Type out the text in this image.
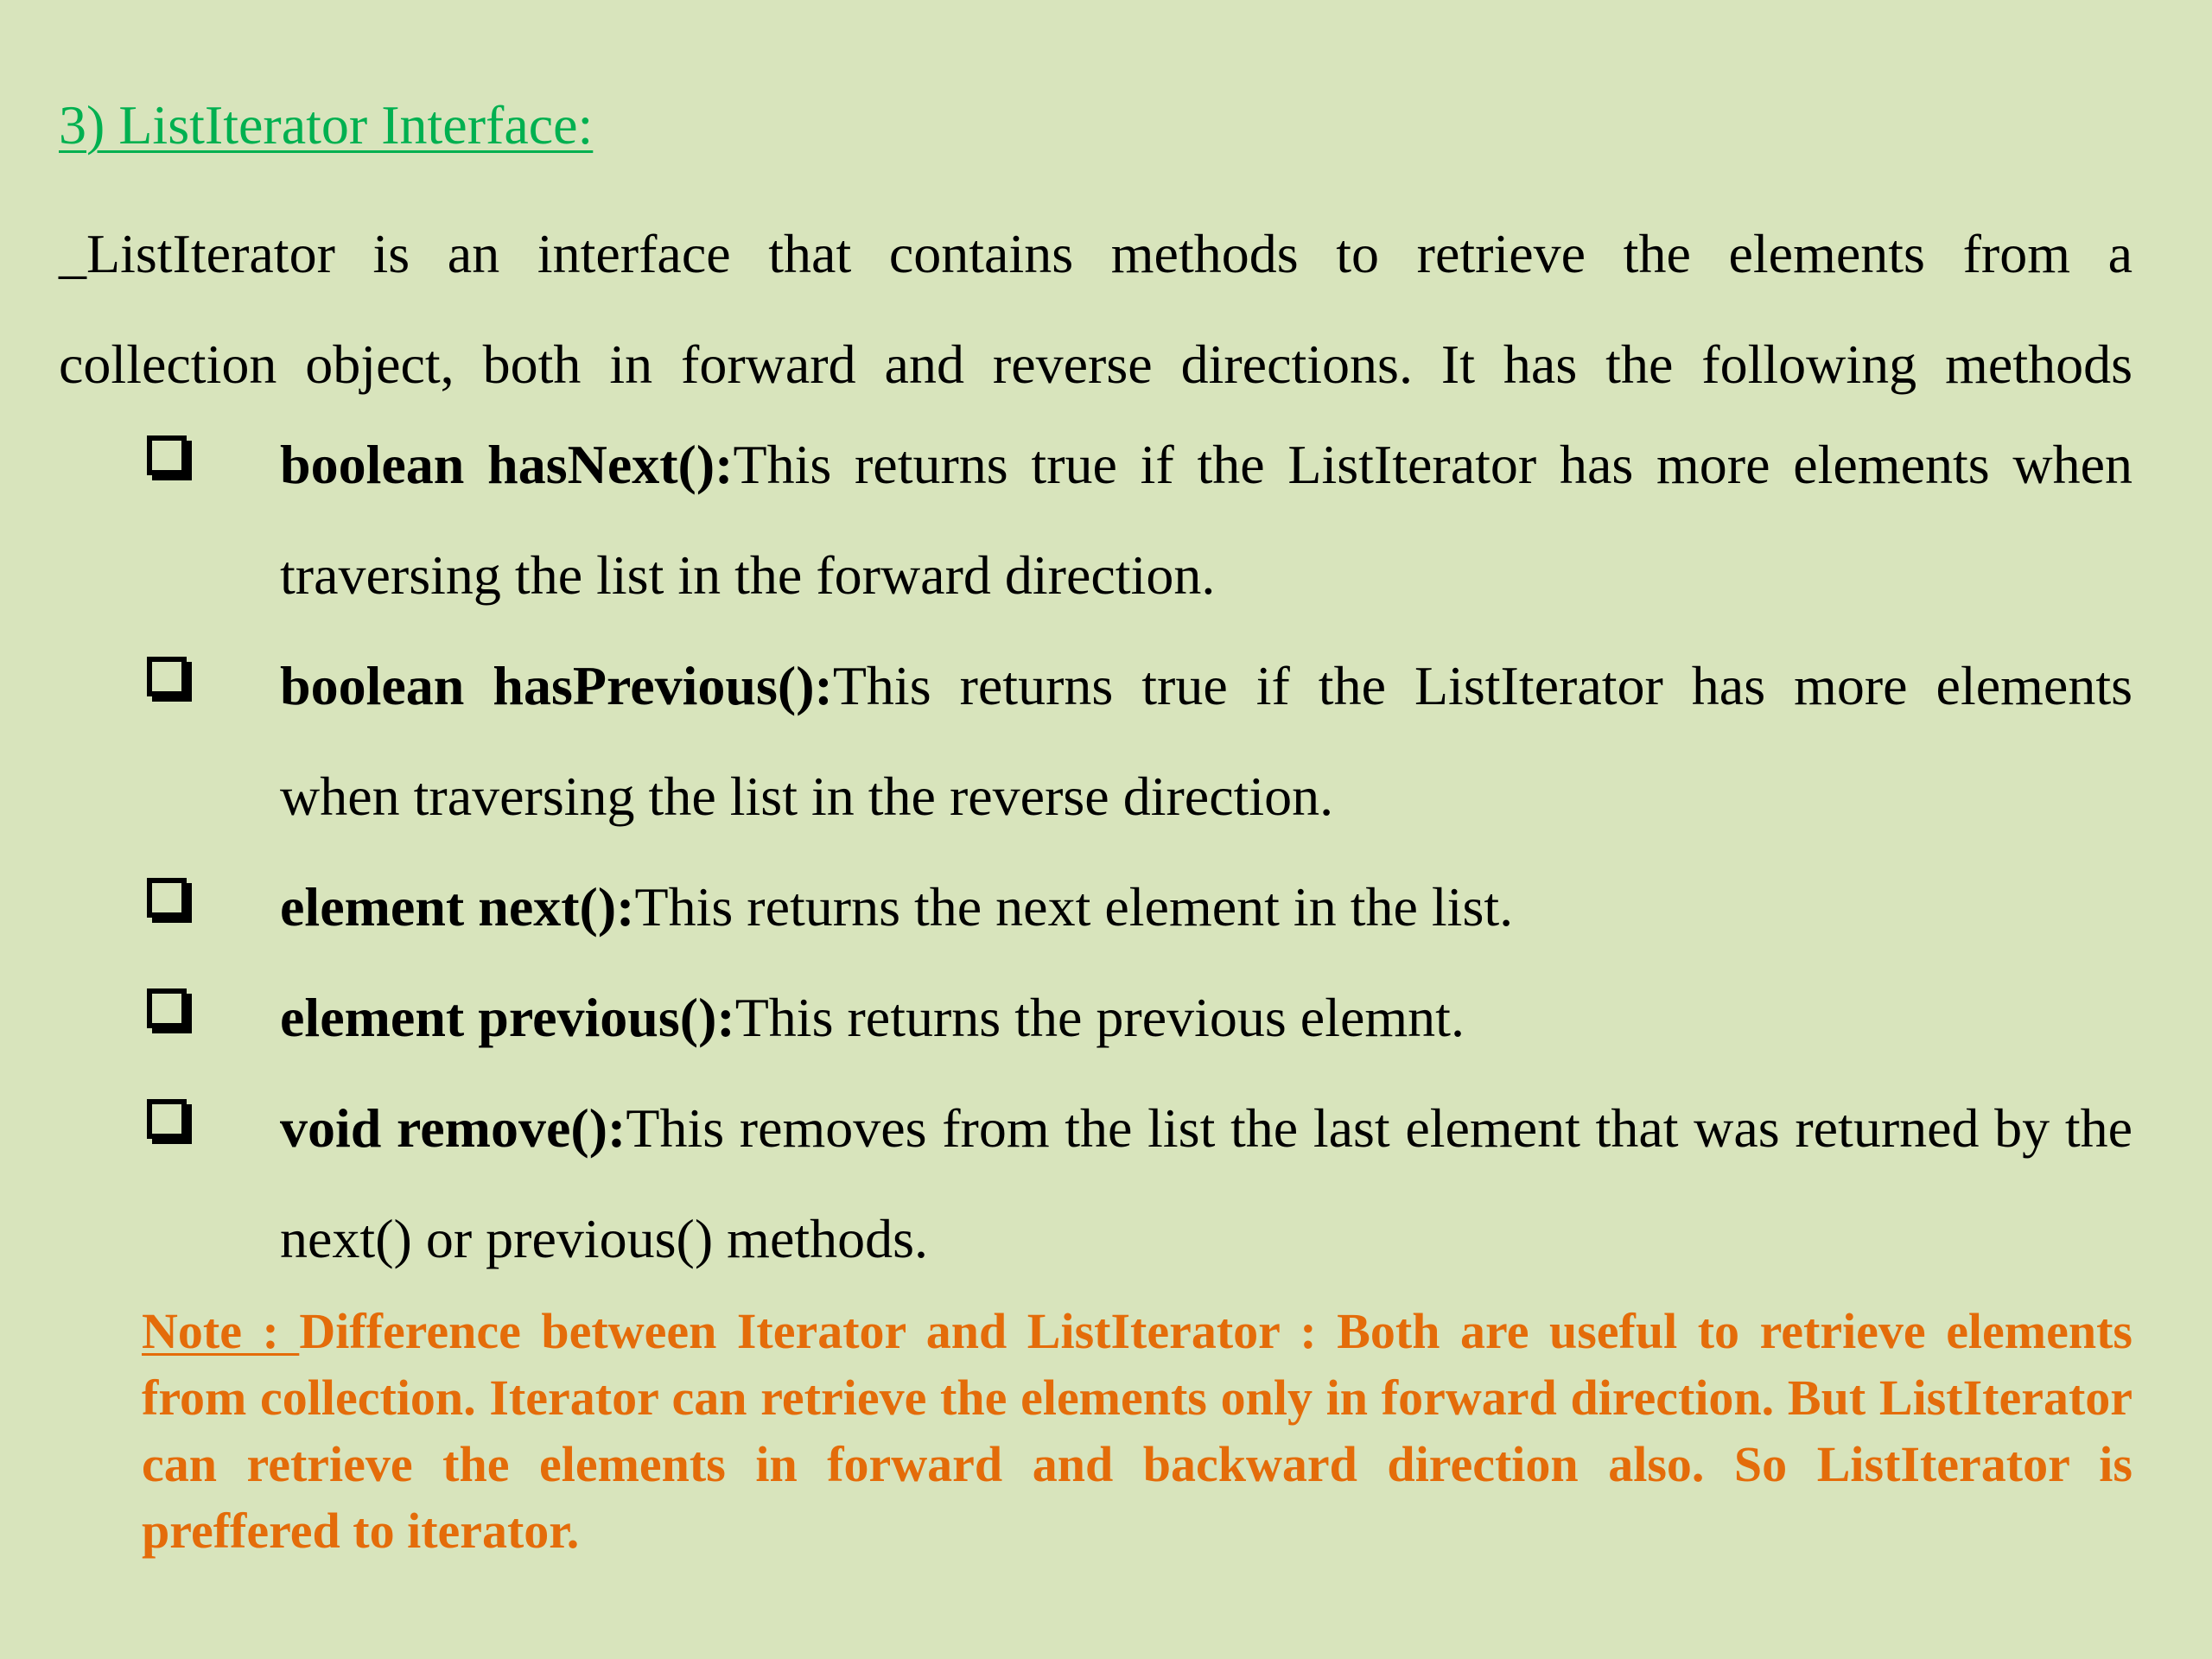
3) ListIterator Interface:
_ListIterator is an interface that contains methods to retrieve the elements from a
collection object, both in forward and reverse directions. It has the following methods
boolean hasNext():This returns true if the ListIterator has more elements when traversing the list in the forward direction.
boolean hasPrevious():This returns true if the ListIterator has more elements when traversing the list in the reverse direction.
element next():This returns the next element in the list.
element previous():This returns the previous elemnt.
void remove():This removes from the list the last element that was returned by the next() or previous() methods.
Note : Difference between Iterator and ListIterator : Both are useful to retrieve elements from collection. Iterator can retrieve the elements only in forward direction. But ListIterator can retrieve the elements in forward and backward direction also. So ListIterator is preffered to iterator.
